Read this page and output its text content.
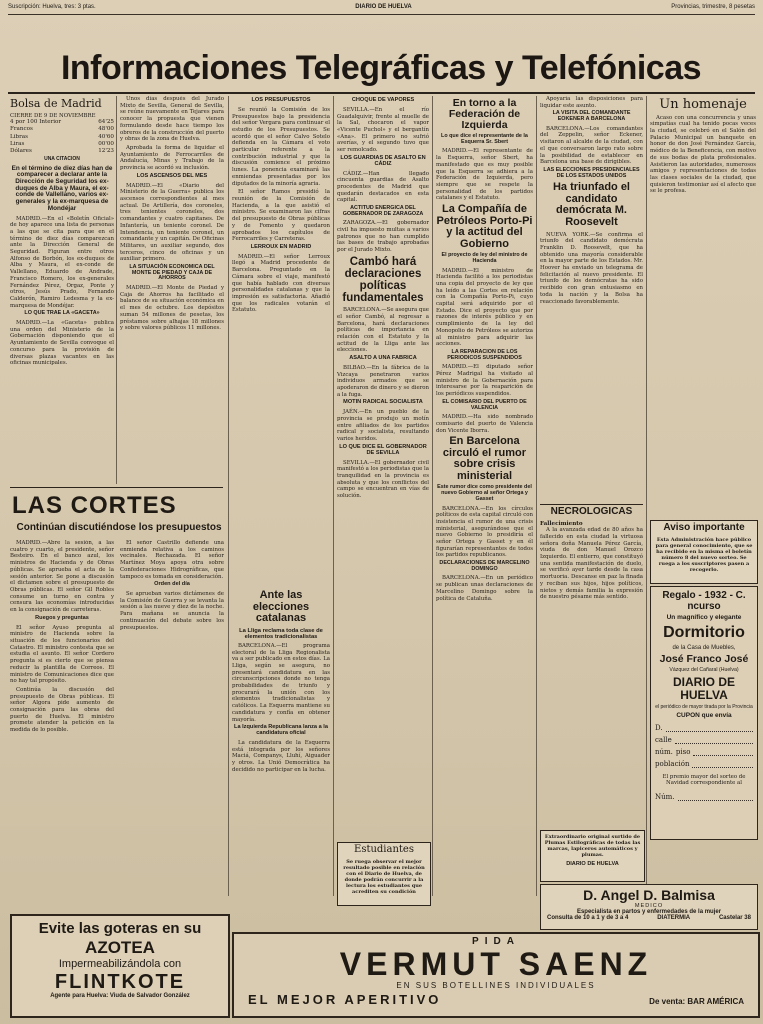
Suscripción: Huelva, tres: 3 ptas.	DIARIO DE HUELVA	Provincias, trimestre, 8 pesetas
Informaciones Telegráficas y Telefónicas
Bolsa de Madrid
CIERRE DE 9 DE NOVIEMBRE
4 por 100 Interior	64'25
Francos	48'00
Libras	40'60
Liras	00'00
Dólares	12'23
UNA CITACION
En el término de diez días han de comparecer a declarar ante la Dirección de Seguridad los ex-duques de Alba y Maura, el ex-conde de Vallellano, varios ex-generales y la ex-marquesa de Mondéjar

MADRID.—En el «Boletín Oficial» de hoy aparece una lista de personas a las que se cita para que en el término de diez días comparezcan ante la Dirección General de Seguridad. Figuran entre otros Alfonso de Borbón, los ex-duques de Alba y Maura, el ex-conde de Vallellano, Eduardo de Andrade, Francisco Romero, los ex-generales Fernández Pérez, Orgaz, Ponte y otros, Jesús Prado, Fernando Calderón, Ramiro Ledesma y la ex-marquesa de Mondéjar.

LO QUE TRAE LA «GACETA»

MADRID.—La «Gaceta» publica una orden del Ministerio de la Gobernación disponiendo que el Ayuntamiento de Sevilla convoque el concurso para la provisión de diversas plazas vacantes en las oficinas municipales.

Unos días después del Jurado Mixto de Sevilla, General de Sevilla, se reúne nuevamente en Tejares para conocer la propuesta que vienen formulando desde hace tiempo los obreros de la construcción del puerto y obras de la zona de Huelva.

Aprobada la forma de liquidar el Ayuntamiento de Ferrocarriles de Andalucía, Minas y Trabajo de la provincia se acordó su inclusión.

LOS ASCENSOS DEL MES

MADRID.—El «Diario del Ministerio de la Guerra» publica los ascensos correspondientes al mes actual. De Artillería, dos coroneles, tres tenientes coroneles, dos comandantes y cuatro capitanes. De Infantería, un teniente coronel. De Intendencia, un teniente coronel, un comandante y un capitán. De Oficinas Militares, un auxiliar segundo, dos terceros, cinco de oficinas y un auxiliar primero.

LA SITUACIÓN ECONOMICA DEL MONTE DE PIEDAD Y CAJA DE AHORROS

MADRID.—El Monte de Piedad y Caja de Ahorros ha facilitado el balance de su situación económica en el mes de octubre. Los depósitos suman 54 millones de pesetas, los préstamos sobre alhajas 18 millones y sobre valores públicos 11 millones.

LAS CORTES
Continúan discutiéndose los presupuestos

MADRID.—Abre la sesión, a las cuatro y cuarto, el presidente, señor Besteiro. En el banco azul, los ministros de Hacienda y de Obras públicas. Se aprueba el acta de la sesión anterior. Se pone a discusión el dictamen sobre el presupuesto de Obras públicas. El señor Gil Robles consume un turno en contra y censura las economías introducidas en la consignación de carreteras.

Ruegos y preguntas

El señor Ayuso pregunta al ministro de Hacienda sobre la situación de los funcionarios del Catastro. El ministro contesta que se estudia el asunto. El señor Cordero pregunta si es cierto que se piensa reducir la plantilla de Correos. El ministro de Comunicaciones dice que no hay tal propósito.

Continúa la discusión del presupuesto de Obras públicas. El señor Algora pide aumento de consignación para las obras del puerto de Huelva. El ministro promete atender la petición en la medida de lo posible.

El señor Castrillo defiende una enmienda relativa a los caminos vecinales. Rechazada. El señor Martínez Moya apoya otra sobre Confederaciones Hidrográficas, que tampoco es tomada en consideración.

Orden del día

Se aprueban varios dictámenes de la Comisión de Guerra y se levanta la sesión a las nueve y diez de la noche. Para mañana se anuncia la continuación del debate sobre los presupuestos.

LOS PRESUPUESTOS

Se reunió la Comisión de los Presupuestos bajo la presidencia del señor Vergara para continuar el estudio de los Presupuestos. Se acordó que el señor Calvo Sotelo defienda en la Cámara el voto particular referente a la contribución industrial y que la discusión comience el próximo lunes. La ponencia examinará las enmiendas presentadas por los diputados de la minoría agraria.

El señor Ramos presidió la reunión de la Comisión de Hacienda, a la que asistió el ministro. Se examinaron las cifras del presupuesto de Obras públicas y de Fomento y quedaron aprobados los capítulos de Ferrocarriles y Carreteras.

LERROUX EN MADRID

MADRID.—El señor Lerroux llegó a Madrid procedente de Barcelona. Preguntado en la Cámara sobre el viaje, manifestó que había hablado con diversas personalidades catalanas y que la impresión es satisfactoria. Añadió que los radicales votarán el Estatuto.

Ante las elecciones catalanas
La Lliga reclama toda clase de elementos tradicionalistas

BARCELONA.—El programa electoral de la Lliga Regionalista va a ser publicado en estos días. La Lliga, según se asegura, no presentará candidatura en las circunscripciones donde no tenga probabilidades de triunfo y procurará la unión con los elementos tradicionalistas y católicos. La Esquerra mantiene su candidatura y confía en obtener mayoría.

La Izquierda Republicana lanza a la candidatura oficial

La candidatura de la Esquerra está integrada por los señores Maciá, Companys, Lluhí, Aiguader y otros. La Unió Democràtica ha decidido no participar en la lucha.

CHOQUE DE VAPORES

SEVILLA.—En el río Guadalquivir, frente al muelle de la Sal, chocaron el vapor «Vicente Puchol» y el bergantín «Ana». El primero no sufrió averías, y el segundo tuvo que ser remolcado.

LOS GUARDIAS DE ASALTO EN CÁDIZ

CÁDIZ.—Han llegado cincuenta guardias de Asalto procedentes de Madrid que quedarán destacados en esta capital.

ACTITUD ENERGICA DEL GOBERNADOR DE ZARAGOZA

ZARAGOZA.—El gobernador civil ha impuesto multas a varios patronos que no han cumplido las bases de trabajo aprobadas por el Jurado Mixto.

Cambó hará declaraciones políticas fundamentales

BARCELONA.—Se asegura que el señor Cambó, al regresar a Barcelona, hará declaraciones políticas de importancia en relación con el Estatuto y la actitud de la Lliga ante las elecciones.

ASALTO A UNA FABRICA

BILBAO.—En la fábrica de la Vizcaya penetraron varios individuos armados que se apoderaron de dinero y se dieron a la fuga.

MOTIN RADICAL SOCIALISTA

JAÉN.—En un pueblo de la provincia se produjo un motín entre afiliados de los partidos radical y socialista, resultando varios heridos.

LO QUE DICE EL GOBERNADOR DE SEVILLA

SEVILLA.—El gobernador civil manifestó a los periodistas que la tranquilidad en la provincia es absoluta y que los conflictos del campo se encuentran en vías de solución.

Estudiantes
Se ruega observar el mejor resultado posible en relación con el Diario de Huelva, de donde podrán concurrir a la lectura los estudiantes que acrediten su condición
En torno a la Federación de Izquierda
Lo que dice el representante de la Esquerra Sr. Sbert

MADRID.—El representante de la Esquerra, señor Sbert, ha manifestado que es muy posible que la Esquerra se adhiera a la Federación de Izquierda, pero siempre que se respete la personalidad de los partidos catalanes y el Estatuto.

La Compañía de Petróleos Porto-Pi y la actitud del Gobierno
El proyecto de ley del ministro de Hacienda

MADRID.—El ministro de Hacienda facilitó a los periodistas una copia del proyecto de ley que ha leído a las Cortes en relación con la Compañía Porto-Pi, cuyo capital será adquirido por el Estado. Dice el proyecto que por razones de interés público y en cumplimiento de la ley del Monopolio de Petróleos se autoriza al ministro para adquirir las acciones.

LA REPARACION DE LOS PERIODICOS SUSPENDIDOS

MADRID.—El diputado señor Pérez Madrigal ha visitado al ministro de la Gobernación para interesarse por la reaparición de los periódicos suspendidos.

EL COMISARIO DEL PUERTO DE VALENCIA

MADRID.—Ha sido nombrado comisario del puerto de Valencia don Vicente Iborra.

En Barcelona circuló el rumor sobre crisis ministerial
Este rumor dice como presidente del nuevo Gobierno al señor Ortega y Gasset

BARCELONA.—En los círculos políticos de esta capital circuló con insistencia el rumor de una crisis ministerial, asegurándose que el nuevo Gobierno lo presidiría el señor Ortega y Gasset y en él figurarían representantes de todos los partidos republicanos.

DECLARACIONES DE MARCELINO DOMINGO

BARCELONA.—En un periódico se publican unas declaraciones de Marcelino Domingo sobre la política de Cataluña.

Apoyaría las disposiciones para liquidar este asunto.

LA VISITA DEL COMANDANTE EOKENER A BARCELONA

BARCELONA.—Los comandantes del Zeppelin, señor Eckener, visitaron al alcalde de la ciudad, con el que conversaron largo rato sobre la posibilidad de establecer en Barcelona una base de dirigibles.

LAS ELECCIONES PRESIDENCIALES DE LOS ESTADOS UNIDOS
Ha triunfado el candidato demócrata M. Roosevelt

NUEVA YORK.—Se confirma el triunfo del candidato demócrata Franklin D. Roosevelt, que ha obtenido una mayoría considerable en la mayor parte de los Estados. Mr. Hoover ha enviado un telegrama de felicitación al nuevo presidente. El triunfo de los demócratas ha sido recibido con gran entusiasmo en toda la nación y la Bolsa ha reaccionado favorablemente.

NECROLOGICAS
Fallecimiento

A la avanzada edad de 80 años ha fallecido en esta ciudad la virtuosa señora doña Manuela Pérez García, viuda de don Manuel Orozco Izquierdo. El entierro, que constituyó una sentida manifestación de duelo, se verificó ayer tarde desde la casa mortuoria. Descanse en paz la finada y reciban sus hijos, hijos políticos, nietos y demás familia la expresión de nuestro pésame más sentido.

Extraordinario original surtido de Plumas Estilográficas de todas las marcas, lapiceros automáticos y plumas.
DIARIO DE HUELVA
Un homenaje

Acaso con una concurrencia y unas simpatías cual ha tenido pocas veces la ciudad, se celebró en el Salón del Palacio Municipal un banquete en honor de don José Fernández García, médico de la Beneficencia, con motivo de sus bodas de plata profesionales. Asistieron las autoridades, numerosos amigos y representaciones de todas las clases sociales de la ciudad, que quisieron testimoniar así el afecto que se le profesa.

Aviso importante
Esta Administración hace público para general conocimiento, que se ha recibido en la misma el boletín número 8 del nuevo sorteo. Se ruega a los suscriptores pasen a recogerlo.
Regalo - 1932 - C. ncurso
Un magnífico y elegante
Dormitorio
de la Casa de Muebles,
José Franco José
Vázquez del Cañaral (Huelva)
DIARIO DE HUELVA
el periódico de mayor tirada por la Provincia
CUPON que envía
D.
calle
núm. piso
población
El premio mayor del sorteo de Navidad correspondiente al
Núm.
D. Angel D. Balmisa
MEDICO
Especialista en partos y enfermedades de la mujer
Consulta de 10 a 1 y de 3 a 4	DIATERMIA	Castelar 38
Evite las goteras en su
AZOTEA
Impermeabilizándola con
FLINTKOTE
Agente para Huelva: Viuda de Salvador González
PIDA
VERMUT SAENZ
EN SUS BOTELLINES INDIVIDUALES
EL MEJOR APERITIVO	De venta: BAR AMÉRICA
